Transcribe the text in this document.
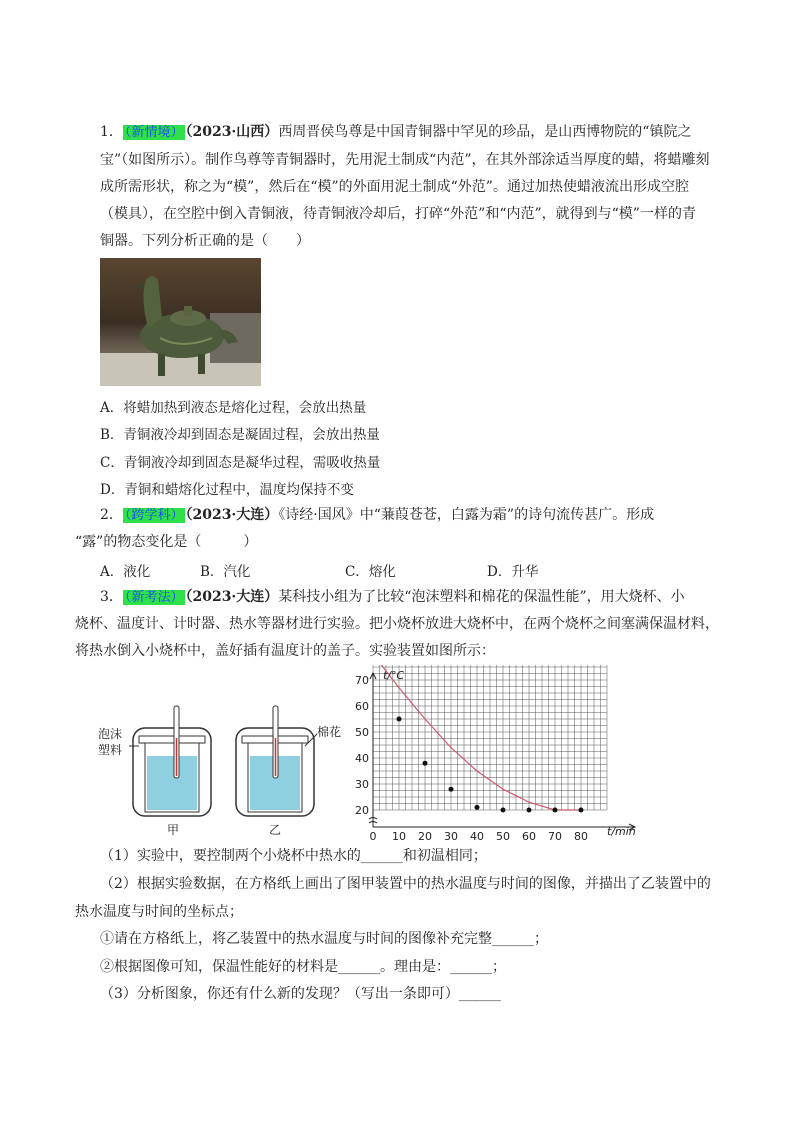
1． （新情境） （2023·山西）西周晋侯鸟尊是中国青铜器中罕见的珍品，是山西博物院的“镇院之
宝”（如图所示）。制作鸟尊等青铜器时，先用泥土制成“内范”，在其外部涂适当厚度的蜡，将蜡雕刻
成所需形状，称之为“模”，然后在“模”的外面用泥土制成“外范”。通过加热使蜡液流出形成空腔
（模具），在空腔中倒入青铜液，待青铜液冷却后，打碎“外范”和“内范”，就得到与“模”一样的青
铜器。下列分析正确的是（　　）
A．将蜡加热到液态是熔化过程，会放出热量
B．青铜液冷却到固态是凝固过程，会放出热量
C．青铜液冷却到固态是凝华过程，需吸收热量
D．青铜和蜡熔化过程中，温度均保持不变
2． （跨学科） （2023·大连）《诗经·国风》中“蒹葭苍苍，白露为霜”的诗句流传甚广。形成
“露”的物态变化是（　　　）
A．液化	B．汽化	C．熔化	D．升华
3． （新考法） （2023·大连）某科技小组为了比较“泡沫塑料和棉花的保温性能”，用大烧杯、小
烧杯、温度计、计时器、热水等器材进行实验。把小烧杯放进大烧杯中，在两个烧杯之间塞满保温材料，
将热水倒入小烧杯中，盖好插有温度计的盖子。实验装置如图所示：
泡沫
塑料
棉花
甲	乙	0 10 20 30 40 50 60 70 80
20
30
40
50
60
70 t/°C
t/min
（1）实验中，要控制两个小烧杯中热水的______和初温相同；
（2）根据实验数据，在方格纸上画出了图甲装置中的热水温度与时间的图像，并描出了乙装置中的
热水温度与时间的坐标点；
①请在方格纸上，将乙装置中的热水温度与时间的图像补充完整______；
②根据图像可知，保温性能好的材料是______。理由是：______；
（3）分析图象，你还有什么新的发现？（写出一条即可）______
